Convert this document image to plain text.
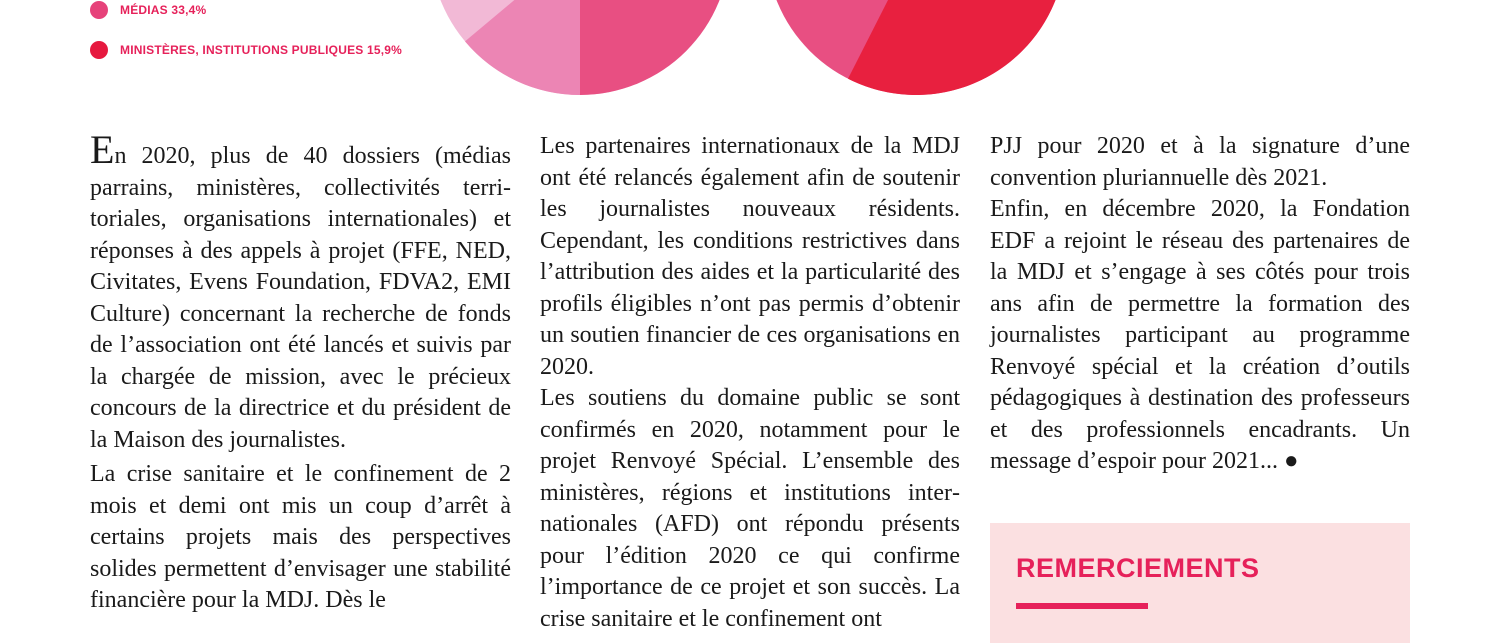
MÉDIAS 33,4%
MINISTÈRES, INSTITUTIONS PUBLIQUES 15,9%

En 2020, plus de 40 dossiers (médias parrains, ministères, collectivités territoriales, organisations internationales) et réponses à des appels à projet (FFE, NED, Civitates, Evens Foundation, FDVA2, EMI Culture) concernant la recherche de fonds de l’association ont été lancés et suivis par la chargée de mission, avec le précieux concours de la directrice et du président de la Maison des journalistes.

La crise sanitaire et le confinement de 2 mois et demi ont mis un coup d’arrêt à certains projets mais des perspectives solides permettent d’envisager une stabilité financière pour la MDJ. Dès le

Les partenaires internationaux de la MDJ ont été relancés également afin de soutenir les journalistes nouveaux résidents. Cependant, les conditions restrictives dans l’attribution des aides et la particularité des profils éligibles n’ont pas permis d’obtenir un soutien financier de ces organisations en 2020.

Les soutiens du domaine public se sont confirmés en 2020, notamment pour le projet Renvoyé Spécial. L’ensemble des ministères, régions et institutions internationales (AFD) ont répondu présents pour l’édition 2020 ce qui confirme l’importance de ce projet et son succès. La crise sanitaire et le confinement ont

PJJ pour 2020 et à la signature d’une convention pluriannuelle dès 2021.

Enfin, en décembre 2020, la Fondation EDF a rejoint le réseau des partenaires de la MDJ et s’engage à ses côtés pour trois ans afin de permettre la formation des journalistes participant au programme Renvoyé spécial et la création d’outils pédagogiques à destination des professeurs et des professionnels encadrants. Un message d’espoir pour 2021... ●

REMERCIEMENTS
